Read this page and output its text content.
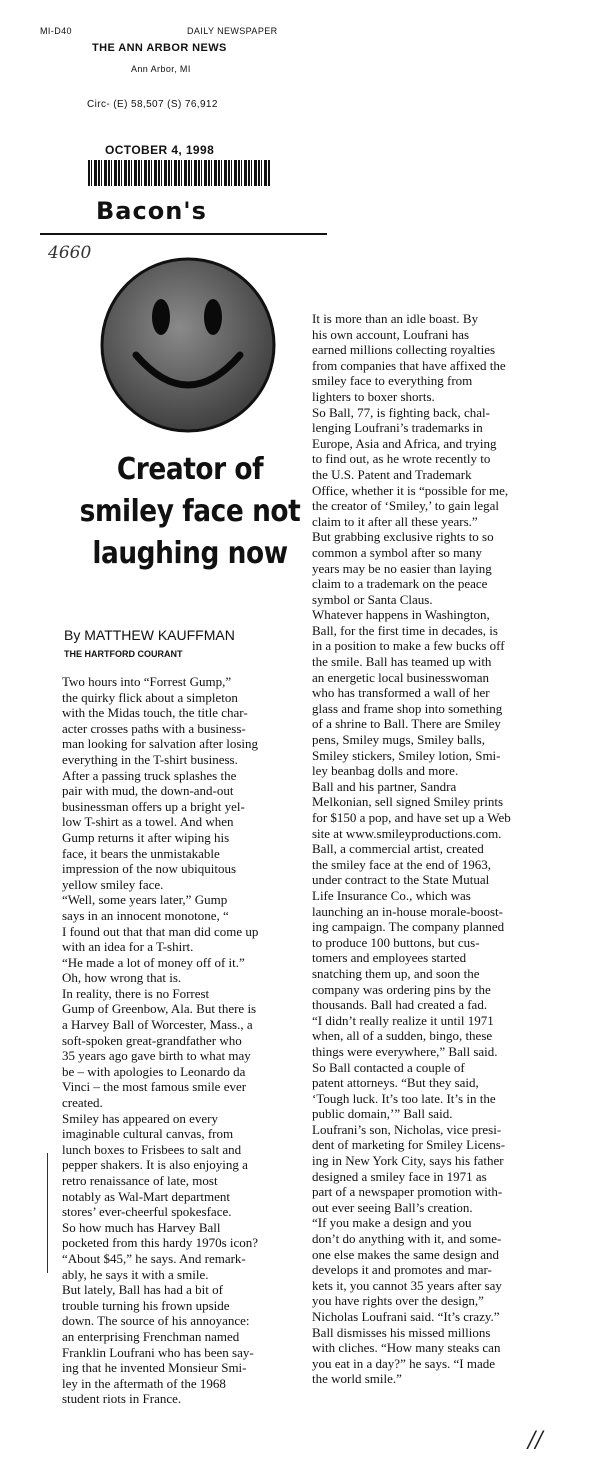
MI-D40	DAILY NEWSPAPER
THE ANN ARBOR NEWS
Ann Arbor, MI
Circ- (E) 58,507 (S) 76,912
OCTOBER 4, 1998
Bacon's
4660
Creator of
smiley face not
laughing now
By MATTHEW KAUFFMAN
THE HARTFORD COURANT
Two hours into “Forrest Gump,”
the quirky flick about a simpleton
with the Midas touch, the title char-
acter crosses paths with a business-
man looking for salvation after losing
everything in the T-shirt business.
After a passing truck splashes the
pair with mud, the down-and-out
businessman offers up a bright yel-
low T-shirt as a towel. And when
Gump returns it after wiping his
face, it bears the unmistakable
impression of the now ubiquitous
yellow smiley face.
“Well, some years later,” Gump
says in an innocent monotone, “
I found out that that man did come up
with an idea for a T-shirt.
“He made a lot of money off of it.”
Oh, how wrong that is.
In reality, there is no Forrest
Gump of Greenbow, Ala. But there is
a Harvey Ball of Worcester, Mass., a
soft-spoken great-grandfather who
35 years ago gave birth to what may
be – with apologies to Leonardo da
Vinci – the most famous smile ever
created.
Smiley has appeared on every
imaginable cultural canvas, from
lunch boxes to Frisbees to salt and
pepper shakers. It is also enjoying a
retro renaissance of late, most
notably as Wal-Mart department
stores’ ever-cheerful spokesface.
So how much has Harvey Ball
pocketed from this hardy 1970s icon?
“About $45,” he says. And remark-
ably, he says it with a smile.
But lately, Ball has had a bit of
trouble turning his frown upside
down. The source of his annoyance:
an enterprising Frenchman named
Franklin Loufrani who has been say-
ing that he invented Monsieur Smi-
ley in the aftermath of the 1968
student riots in France.
It is more than an idle boast. By
his own account, Loufrani has
earned millions collecting royalties
from companies that have affixed the
smiley face to everything from
lighters to boxer shorts.
So Ball, 77, is fighting back, chal-
lenging Loufrani’s trademarks in
Europe, Asia and Africa, and trying
to find out, as he wrote recently to
the U.S. Patent and Trademark
Office, whether it is “possible for me,
the creator of ‘Smiley,’ to gain legal
claim to it after all these years.”
But grabbing exclusive rights to so
common a symbol after so many
years may be no easier than laying
claim to a trademark on the peace
symbol or Santa Claus.
Whatever happens in Washington,
Ball, for the first time in decades, is
in a position to make a few bucks off
the smile. Ball has teamed up with
an energetic local businesswoman
who has transformed a wall of her
glass and frame shop into something
of a shrine to Ball. There are Smiley
pens, Smiley mugs, Smiley balls,
Smiley stickers, Smiley lotion, Smi-
ley beanbag dolls and more.
Ball and his partner, Sandra
Melkonian, sell signed Smiley prints
for $150 a pop, and have set up a Web
site at www.smileyproductions.com.
Ball, a commercial artist, created
the smiley face at the end of 1963,
under contract to the State Mutual
Life Insurance Co., which was
launching an in-house morale-boost-
ing campaign. The company planned
to produce 100 buttons, but cus-
tomers and employees started
snatching them up, and soon the
company was ordering pins by the
thousands. Ball had created a fad.
“I didn’t really realize it until 1971
when, all of a sudden, bingo, these
things were everywhere,” Ball said.
So Ball contacted a couple of
patent attorneys. “But they said,
‘Tough luck. It’s too late. It’s in the
public domain,’” Ball said.
Loufrani’s son, Nicholas, vice presi-
dent of marketing for Smiley Licens-
ing in New York City, says his father
designed a smiley face in 1971 as
part of a newspaper promotion with-
out ever seeing Ball’s creation.
“If you make a design and you
don’t do anything with it, and some-
one else makes the same design and
develops it and promotes and mar-
kets it, you cannot 35 years after say
you have rights over the design,”
Nicholas Loufrani said. “It’s crazy.”
Ball dismisses his missed millions
with cliches. “How many steaks can
you eat in a day?” he says. “I made
the world smile.”
//
